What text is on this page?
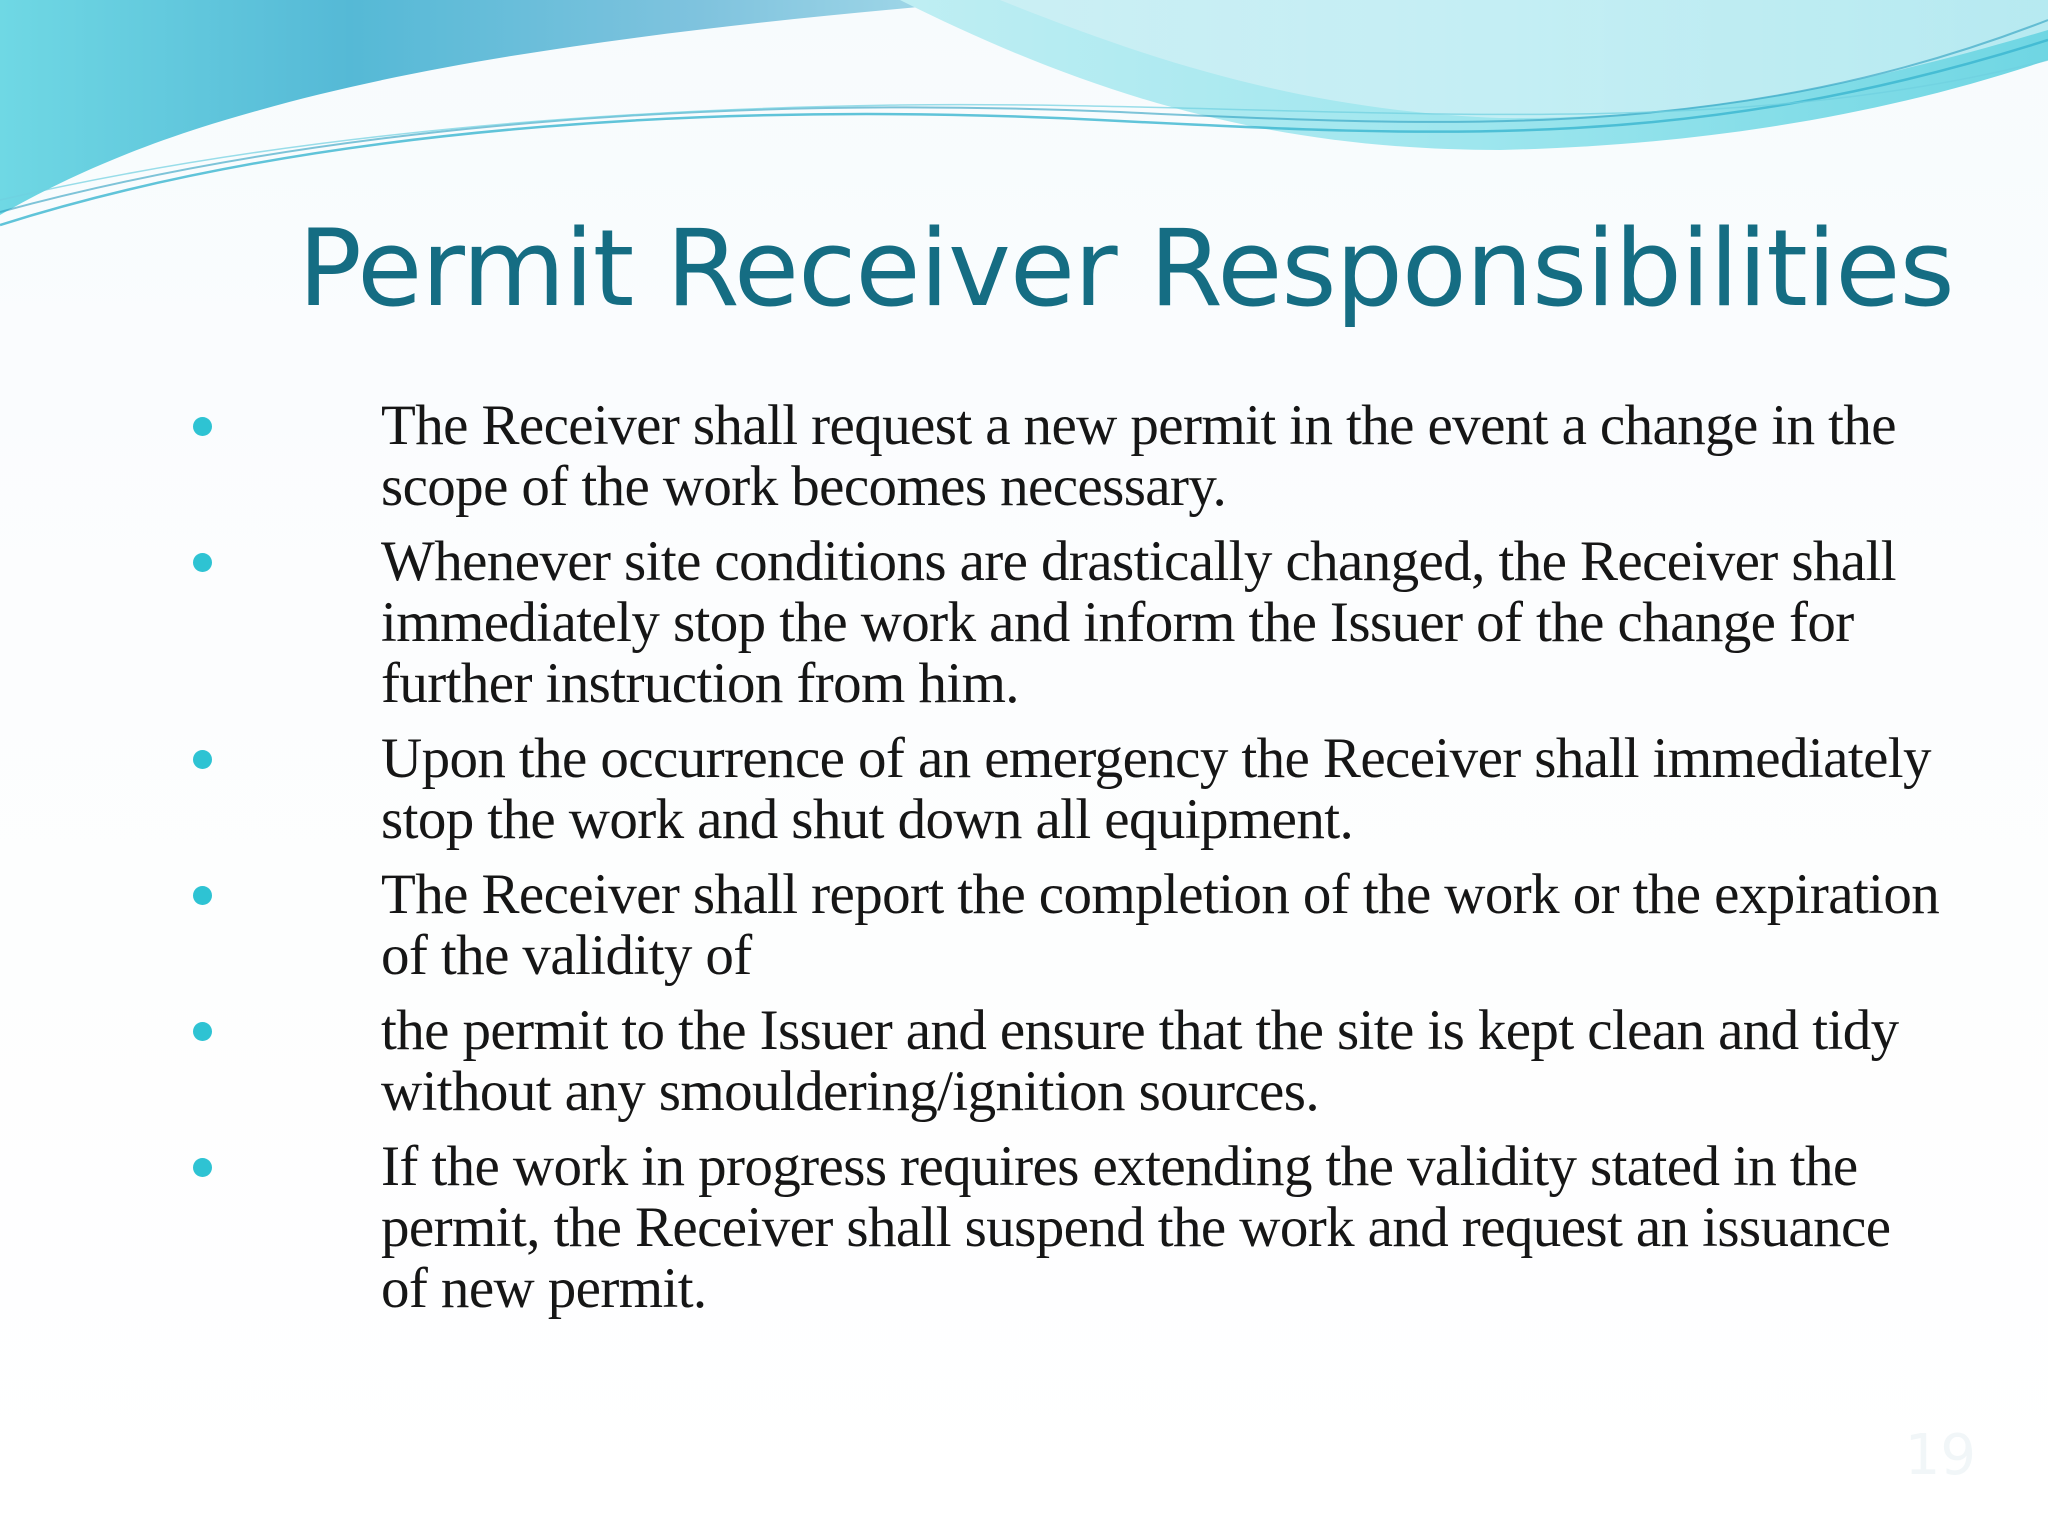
Permit Receiver Responsibilities
The Receiver shall request a new permit in the event a change in the scope of the work becomes necessary.
Whenever site conditions are drastically changed, the Receiver shall immediately stop the work and inform the Issuer of the change for further instruction from him.
Upon the occurrence of an emergency the Receiver shall immediately stop the work and shut down all equipment.
The Receiver shall report the completion of the work or the expiration of the validity of
the permit to the Issuer and ensure that the site is kept clean and tidy without any smouldering/ignition sources.
If the work in progress requires extending the validity stated in the permit, the Receiver shall suspend the work and request an issuance of new permit.
19
